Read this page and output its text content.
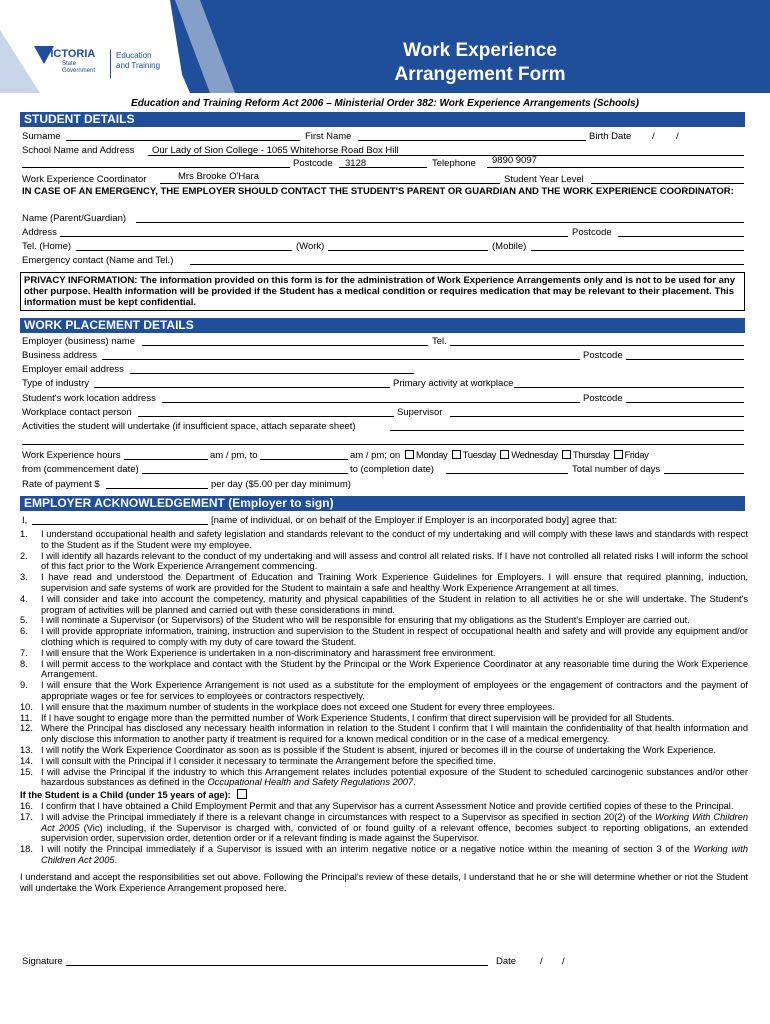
VICTORIA
State
Government
Education
and Training
Work Experience
Arrangement Form
Education and Training Reform Act 2006 – Ministerial Order 382: Work Experience Arrangements (Schools)
STUDENT DETAILS
Surname	First Name	Birth Date / /
School Name and Address Our Lady of Sion College - 1065 Whitehorse Road Box Hill
Postcode 3128	Telephone 9890 9097
Work Experience Coordinator	Mrs Brooke O'Hara	Student Year Level
IN CASE OF AN EMERGENCY, THE EMPLOYER SHOULD CONTACT THE STUDENT'S PARENT OR GUARDIAN AND THE WORK EXPERIENCE COORDINATOR:
Name (Parent/Guardian)
Address	Postcode
Tel. (Home)	(Work)	(Mobile)
Emergency contact (Name and Tel.)
PRIVACY INFORMATION: The information provided on this form is for the administration of Work Experience Arrangements only and is not to be used for any other purpose. Health information will be provided if the Student has a medical condition or requires medication that may be relevant to their placement. This information must be kept confidential.
WORK PLACEMENT DETAILS
Employer (business) name	Tel.
Business address	Postcode
Employer email address
Type of industry	Primary activity at workplace
Student's work location address	Postcode
Workplace contact person	Supervisor
Activities the student will undertake (if insufficient space, attach separate sheet)
Work Experience hours	am / pm, to	am / pm; on	Monday Tuesday Wednesday Thursday Friday
from (commencement date)	to (completion date)	Total number of days
Rate of payment $	per day ($5.00 per day minimum)
EMPLOYER ACKNOWLEDGEMENT (Employer to sign)
I,	[name of individual, or on behalf of the Employer if Employer is an incorporated body] agree that:
1. I understand occupational health and safety legislation and standards relevant to the conduct of my undertaking and will comply with these laws and standards with respect to the Student as if the Student were my employee.
2. I will identify all hazards relevant to the conduct of my undertaking and will assess and control all related risks. If I have not controlled all related risks I will inform the school of this fact prior to the Work Experience Arrangement commencing.
3. I have read and understood the Department of Education and Training Work Experience Guidelines for Employers. I will ensure that required planning, induction, supervision and safe systems of work are provided for the Student to maintain a safe and healthy Work Experience Arrangement at all times.
4. I will consider and take into account the competency, maturity and physical capabilities of the Student in relation to all activities he or she will undertake. The Student's program of activities will be planned and carried out with these considerations in mind.
5. I will nominate a Supervisor (or Supervisors) of the Student who will be responsible for ensuring that my obligations as the Student's Employer are carried out.
6. I will provide appropriate information, training, instruction and supervision to the Student in respect of occupational health and safety and will provide any equipment and/or clothing which is required to comply with my duty of care toward the Student.
7. I will ensure that the Work Experience is undertaken in a non-discriminatory and harassment free environment.
8. I will permit access to the workplace and contact with the Student by the Principal or the Work Experience Coordinator at any reasonable time during the Work Experience Arrangement.
9. I will ensure that the Work Experience Arrangement is not used as a substitute for the employment of employees or the engagement of contractors and the payment of appropriate wages or fee for services to employees or contractors respectively.
10. I will ensure that the maximum number of students in the workplace does not exceed one Student for every three employees.
11. If I have sought to engage more than the permitted number of Work Experience Students, I confirm that direct supervision will be provided for all Students.
12. Where the Principal has disclosed any necessary health information in relation to the Student I confirm that I will maintain the confidentiality of that health information and only disclose this information to another party if treatment is required for a known medical condition or in the case of a medical emergency.
13. I will notify the Work Experience Coordinator as soon as is possible if the Student is absent, injured or becomes ill in the course of undertaking the Work Experience.
14. I will consult with the Principal if I consider it necessary to terminate the Arrangement before the specified time.
15. I will advise the Principal if the industry to which this Arrangement relates includes potential exposure of the Student to scheduled carcinogenic substances and/or other hazardous substances as defined in the Occupational Health and Safety Regulations 2007.
If the Student is a Child (under 15 years of age):
16. I confirm that I have obtained a Child Employment Permit and that any Supervisor has a current Assessment Notice and provide certified copies of these to the Principal.
17. I will advise the Principal immediately if there is a relevant change in circumstances with respect to a Supervisor as specified in section 20(2) of the Working With Children Act 2005 (Vic) including, if the Supervisor is charged with, convicted of or found guilty of a relevant offence, becomes subject to reporting obligations, an extended supervision order, supervision order, detention order or if a relevant finding is made against the Supervisor.
18. I will notify the Principal immediately if a Supervisor is issued with an interim negative notice or a negative notice within the meaning of section 3 of the Working with Children Act 2005.
I understand and accept the responsibilities set out above. Following the Principal's review of these details, I understand that he or she will determine whether or not the Student will undertake the Work Experience Arrangement proposed here.
Signature	Date	/ /
